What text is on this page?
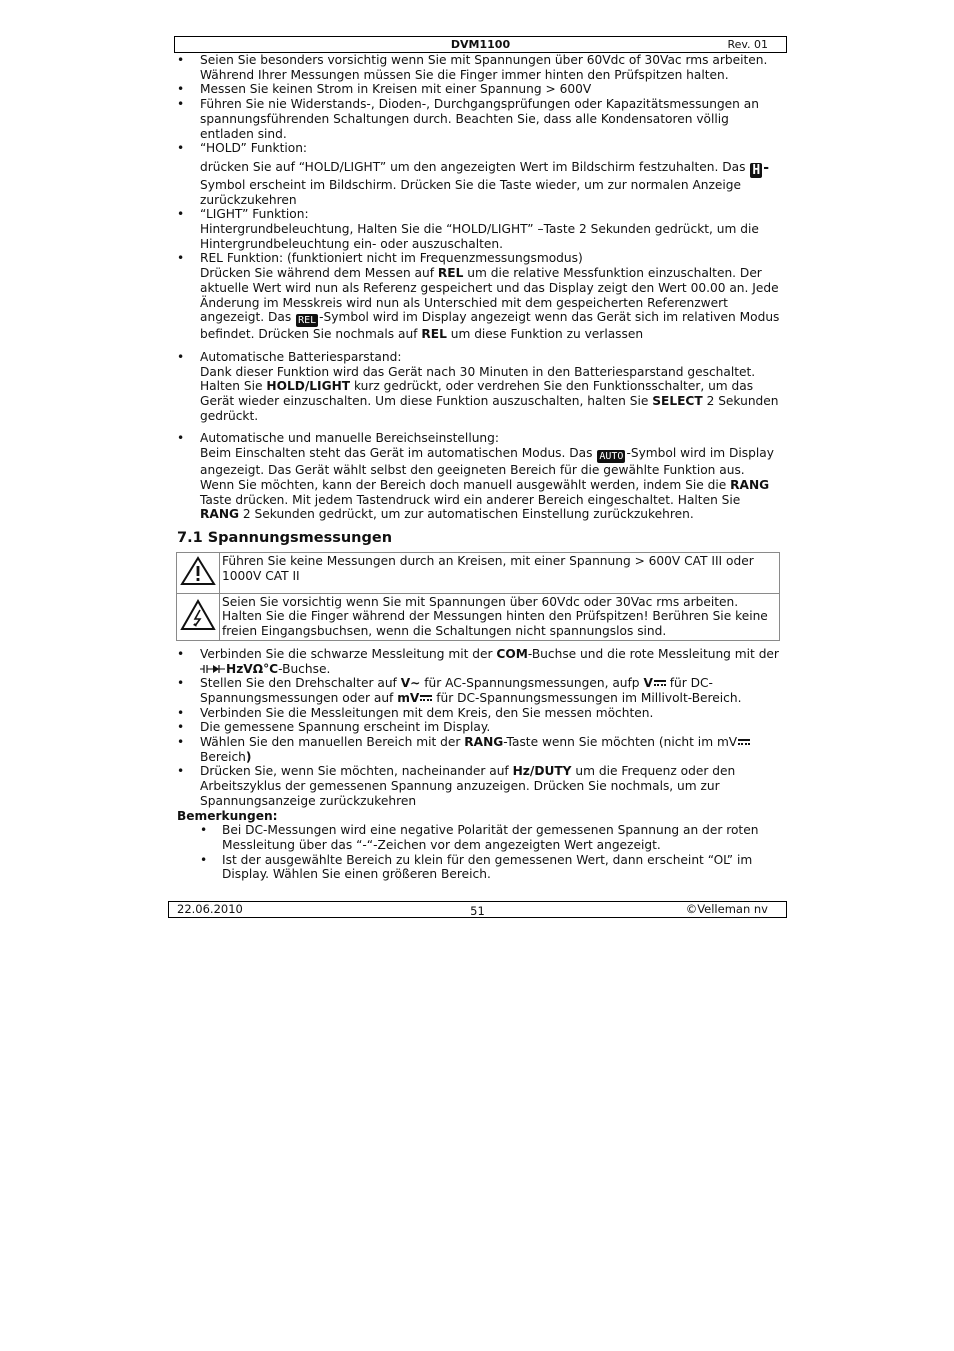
DVM1100	Rev. 01
• Seien Sie besonders vorsichtig wenn Sie mit Spannungen über 60Vdc of 30Vac rms arbeiten. Während Ihrer Messungen müssen Sie die Finger immer hinten den Prüfspitzen halten.
• Messen Sie keinen Strom in Kreisen mit einer Spannung > 600V
• Führen Sie nie Widerstands-, Dioden-, Durchgangsprüfungen oder Kapazitätsmessungen an spannungsführenden Schaltungen durch. Beachten Sie, dass alle Kondensatoren völlig entladen sind.
• “HOLD” Funktion:
drücken Sie auf “HOLD/LIGHT” um den angezeigten Wert im Bildschirm festzuhalten. Das H - Symbol erscheint im Bildschirm. Drücken Sie die Taste wieder, um zur normalen Anzeige zurückzukehren
• “LIGHT” Funktion:
Hintergrundbeleuchtung, Halten Sie die “HOLD/LIGHT” –Taste 2 Sekunden gedrückt, um die Hintergrundbeleuchtung ein- oder auszuschalten.
• REL Funktion: (funktioniert nicht im Frequenzmessungsmodus)
Drücken Sie während dem Messen auf REL um die relative Messfunktion einzuschalten. Der aktuelle Wert wird nun als Referenz gespeichert und das Display zeigt den Wert 00.00 an. Jede Änderung im Messkreis wird nun als Unterschied mit dem gespeicherten Referenzwert angezeigt. Das REL -Symbol wird im Display angezeigt wenn das Gerät sich im relativen Modus befindet. Drücken Sie nochmals auf REL um diese Funktion zu verlassen
• Automatische Batteriesparstand:
Dank dieser Funktion wird das Gerät nach 30 Minuten in den Batteriesparstand geschaltet. Halten Sie HOLD/LIGHT kurz gedrückt, oder verdrehen Sie den Funktionsschalter, um das Gerät wieder einzuschalten. Um diese Funktion auszuschalten, halten Sie SELECT 2 Sekunden gedrückt.
• Automatische und manuelle Bereichseinstellung:
Beim Einschalten steht das Gerät im automatischen Modus. Das AUTO -Symbol wird im Display angezeigt. Das Gerät wählt selbst den geeigneten Bereich für die gewählte Funktion aus. Wenn Sie möchten, kann der Bereich doch manuell ausgewählt werden, indem Sie die RANG Taste drücken. Mit jedem Tastendruck wird ein anderer Bereich eingeschaltet. Halten Sie RANG 2 Sekunden gedrückt, um zur automatischen Einstellung zurückzukehren.
7.1 Spannungsmessungen
	Führen Sie keine Messungen durch an Kreisen, mit einer Spannung > 600V CAT III oder 1000V CAT II
	Seien Sie vorsichtig wenn Sie mit Spannungen über 60Vdc oder 30Vac rms arbeiten. Halten Sie die Finger während der Messungen hinten den Prüfspitzen! Berühren Sie keine freien Eingangsbuchsen, wenn die Schaltungen nicht spannungslos sind.
• Verbinden Sie die schwarze Messleitung mit der COM-Buchse und die rote Messleitung mit der HzVΩ°C-Buchse.
• Stellen Sie den Drehschalter auf V∼ für AC-Spannungsmessungen, aufp V für DC-Spannungsmessungen oder auf mV für DC-Spannungsmessungen im Millivolt-Bereich.
• Verbinden Sie die Messleitungen mit dem Kreis, den Sie messen möchten.
• Die gemessene Spannung erscheint im Display.
• Wählen Sie den manuellen Bereich mit der RANG-Taste wenn Sie möchten (nicht im mV Bereich)
• Drücken Sie, wenn Sie möchten, nacheinander auf Hz/DUTY um die Frequenz oder den Arbeitszyklus der gemessenen Spannung anzuzeigen. Drücken Sie nochmals, um zur Spannungsanzeige zurückzukehren
Bemerkungen:
• Bei DC-Messungen wird eine negative Polarität der gemessenen Spannung an der roten Messleitung über das “-“-Zeichen vor dem angezeigten Wert angezeigt.
• Ist der ausgewählte Bereich zu klein für den gemessenen Wert, dann erscheint “OL” im Display. Wählen Sie einen größeren Bereich.
22.06.2010	51	©Velleman nv
